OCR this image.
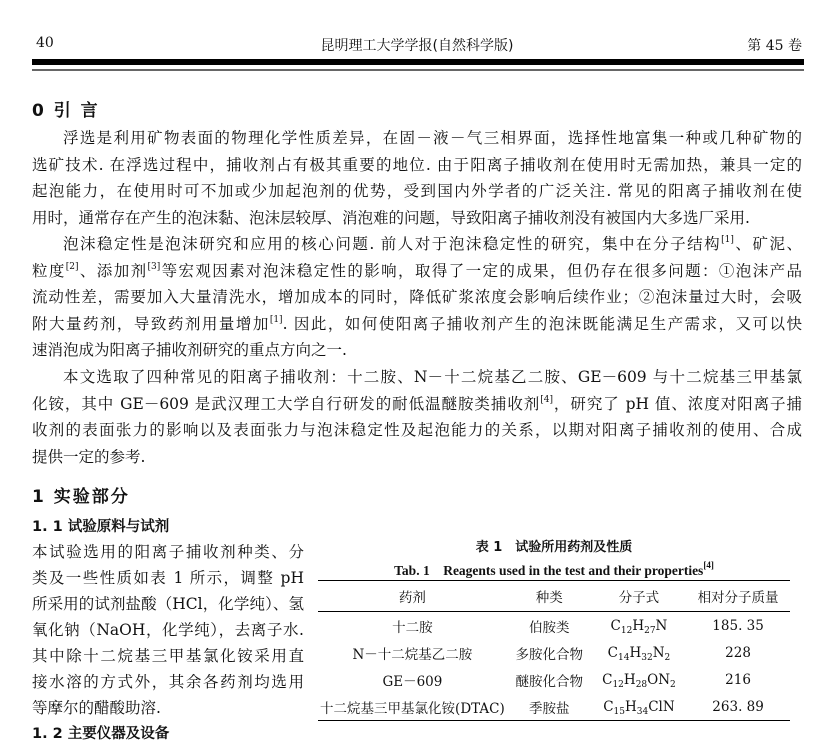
40	昆明理工大学学报(自然科学版)	第 45 卷
0 引 言
浮选是利用矿物表面的物理化学性质差异，在固－液－气三相界面，选择性地富集一种或几种矿物的
选矿技术. 在浮选过程中，捕收剂占有极其重要的地位. 由于阳离子捕收剂在使用时无需加热，兼具一定的
起泡能力，在使用时可不加或少加起泡剂的优势，受到国内外学者的广泛关注. 常见的阳离子捕收剂在使
用时，通常存在产生的泡沫黏、泡沫层较厚、消泡难的问题，导致阳离子捕收剂没有被国内大多选厂采用.
泡沫稳定性是泡沫研究和应用的核心问题. 前人对于泡沫稳定性的研究，集中在分子结构[1]、矿泥、
粒度[2]、添加剂[3]等宏观因素对泡沫稳定性的影响，取得了一定的成果，但仍存在很多问题：①泡沫产品
流动性差，需要加入大量清洗水，增加成本的同时，降低矿浆浓度会影响后续作业；②泡沫量过大时，会吸
附大量药剂，导致药剂用量增加[1]. 因此，如何使阳离子捕收剂产生的泡沫既能满足生产需求，又可以快
速消泡成为阳离子捕收剂研究的重点方向之一.
本文选取了四种常见的阳离子捕收剂：十二胺、N－十二烷基乙二胺、GE－609 与十二烷基三甲基氯
化铵，其中 GE－609 是武汉理工大学自行研发的耐低温醚胺类捕收剂[4]，研究了 pH 值、浓度对阳离子捕
收剂的表面张力的影响以及表面张力与泡沫稳定性及起泡能力的关系，以期对阳离子捕收剂的使用、合成
提供一定的参考.
1 实验部分
1. 1 试验原料与试剂
本试验选用的阳离子捕收剂种类、分
类及一些性质如表 1 所示，调整 pH
所采用的试剂盐酸（HCl，化学纯）、氢
氧化钠（NaOH，化学纯），去离子水.
其中除十二烷基三甲基氯化铵采用直
接水溶的方式外，其余各药剂均选用
等摩尔的醋酸助溶.
1. 2 主要仪器及设备
表 1　试验所用药剂及性质
Tab. 1　Reagents used in the test and their properties[4]
药剂	种类	分子式	相对分子质量
十二胺	伯胺类	$C_{12}H_{27}N$	185. 35
N－十二烷基乙二胺	多胺化合物	$C_{14}H_{32}N_2$	228
GE－609	醚胺化合物	$C_{12}H_{28}ON_2$	216
十二烷基三甲基氯化铵(DTAC)	季胺盐	$C_{15}H_{34}ClN$	263. 89
